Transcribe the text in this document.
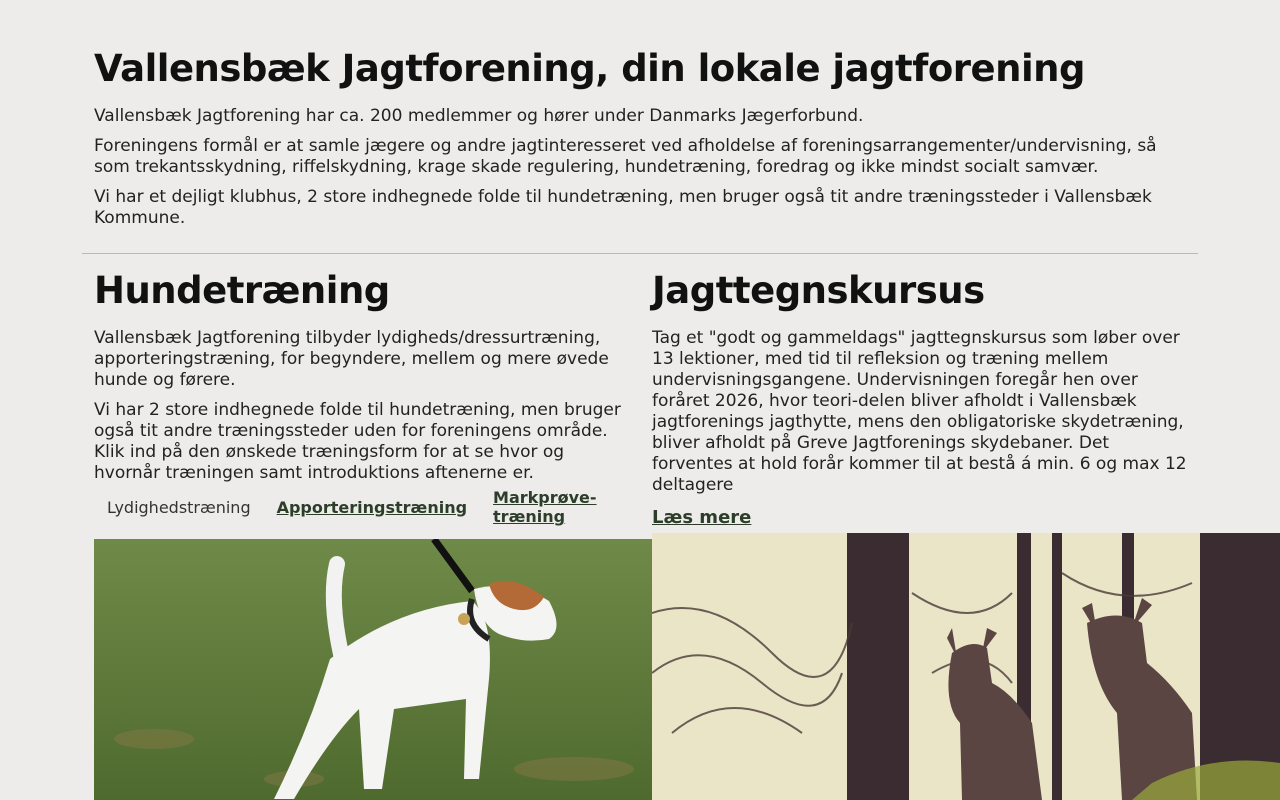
Vallensbæk Jagtforening, din lokale jagtforening

Vallensbæk Jagtforening har ca. 200 medlemmer og hører under Danmarks Jægerforbund.

Foreningens formål er at samle jægere og andre jagtinteresseret ved afholdelse af foreningsarrangementer/undervisning, så som trekantsskydning, riffelskydning, krage skade regulering, hundetræning, foredrag og ikke mindst socialt samvær.

Vi har et dejligt klubhus, 2 store indhegnede folde til hundetræning, men bruger også tit andre træningssteder i Vallensbæk Kommune.

Hundetræning

Vallensbæk Jagtforening tilbyder lydigheds/dressurtræning, apporteringstræning, for begyndere, mellem og mere øvede hunde og førere.

Vi har 2 store indhegnede folde til hundetræning, men bruger også tit andre træningssteder uden for foreningens område. Klik ind på den ønskede træningsform for at se hvor og hvornår træningen samt introduktions aftenerne er.

Lydighedstræning Apporteringstræning Markprøve-træning
Jagttegnskursus

Tag et "godt og gammeldags" jagttegnskursus som løber over 13 lektioner, med tid til refleksion og træning mellem undervisningsgangene. Undervisningen foregår hen over foråret 2026, hvor teori-delen bliver afholdt i Vallensbæk jagtforenings jagthytte, mens den obligatoriske skydetræning, bliver afholdt på Greve Jagtforenings skydebaner. Det forventes at hold forår kommer til at bestå á min. 6 og max 12 deltagere

Læs mere
